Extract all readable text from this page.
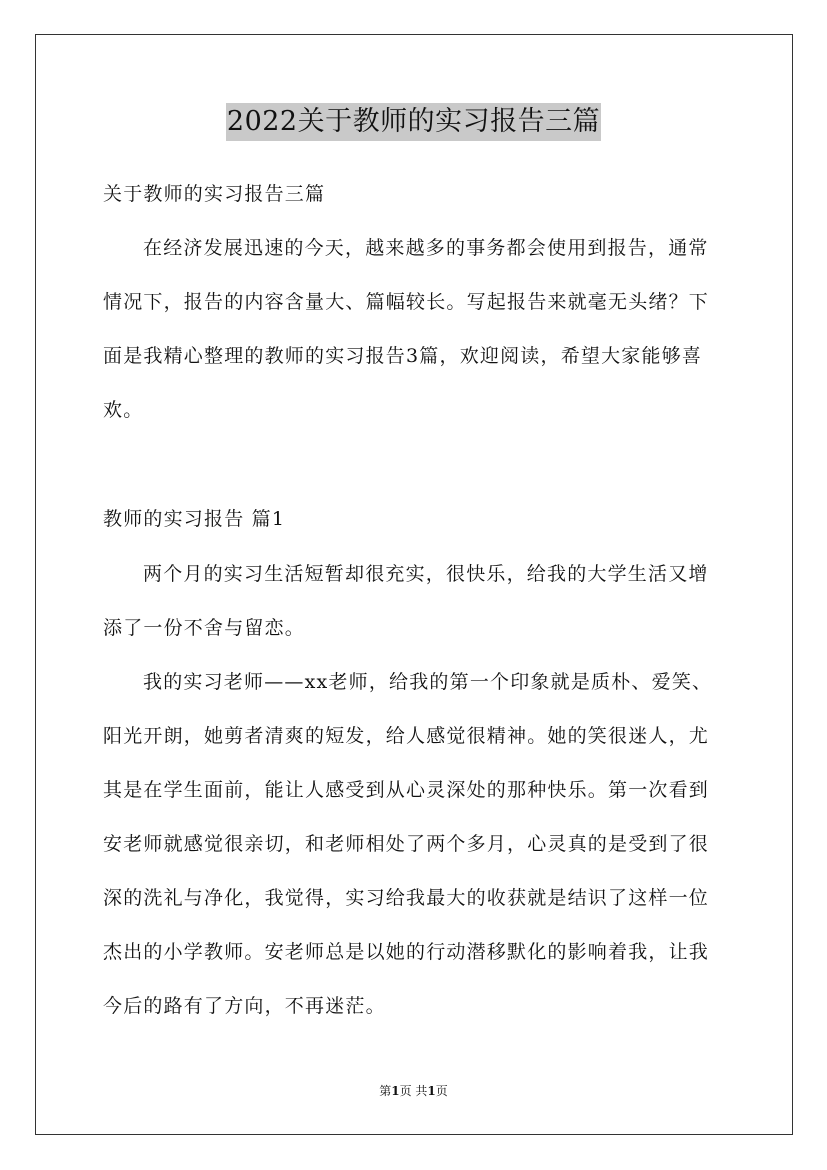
2022关于教师的实习报告三篇
关于教师的实习报告三篇
在经济发展迅速的今天，越来越多的事务都会使用到报告，通常
情况下，报告的内容含量大、篇幅较长。写起报告来就毫无头绪？下
面是我精心整理的教师的实习报告3篇，欢迎阅读，希望大家能够喜
欢。
教师的实习报告 篇1
两个月的实习生活短暂却很充实，很快乐，给我的大学生活又增
添了一份不舍与留恋。
我的实习老师——xx老师，给我的第一个印象就是质朴、爱笑、
阳光开朗，她剪者清爽的短发，给人感觉很精神。她的笑很迷人，尤
其是在学生面前，能让人感受到从心灵深处的那种快乐。第一次看到
安老师就感觉很亲切，和老师相处了两个多月，心灵真的是受到了很
深的洗礼与净化，我觉得，实习给我最大的收获就是结识了这样一位
杰出的小学教师。安老师总是以她的行动潜移默化的影响着我，让我
今后的路有了方向，不再迷茫。
第1页 共1页
